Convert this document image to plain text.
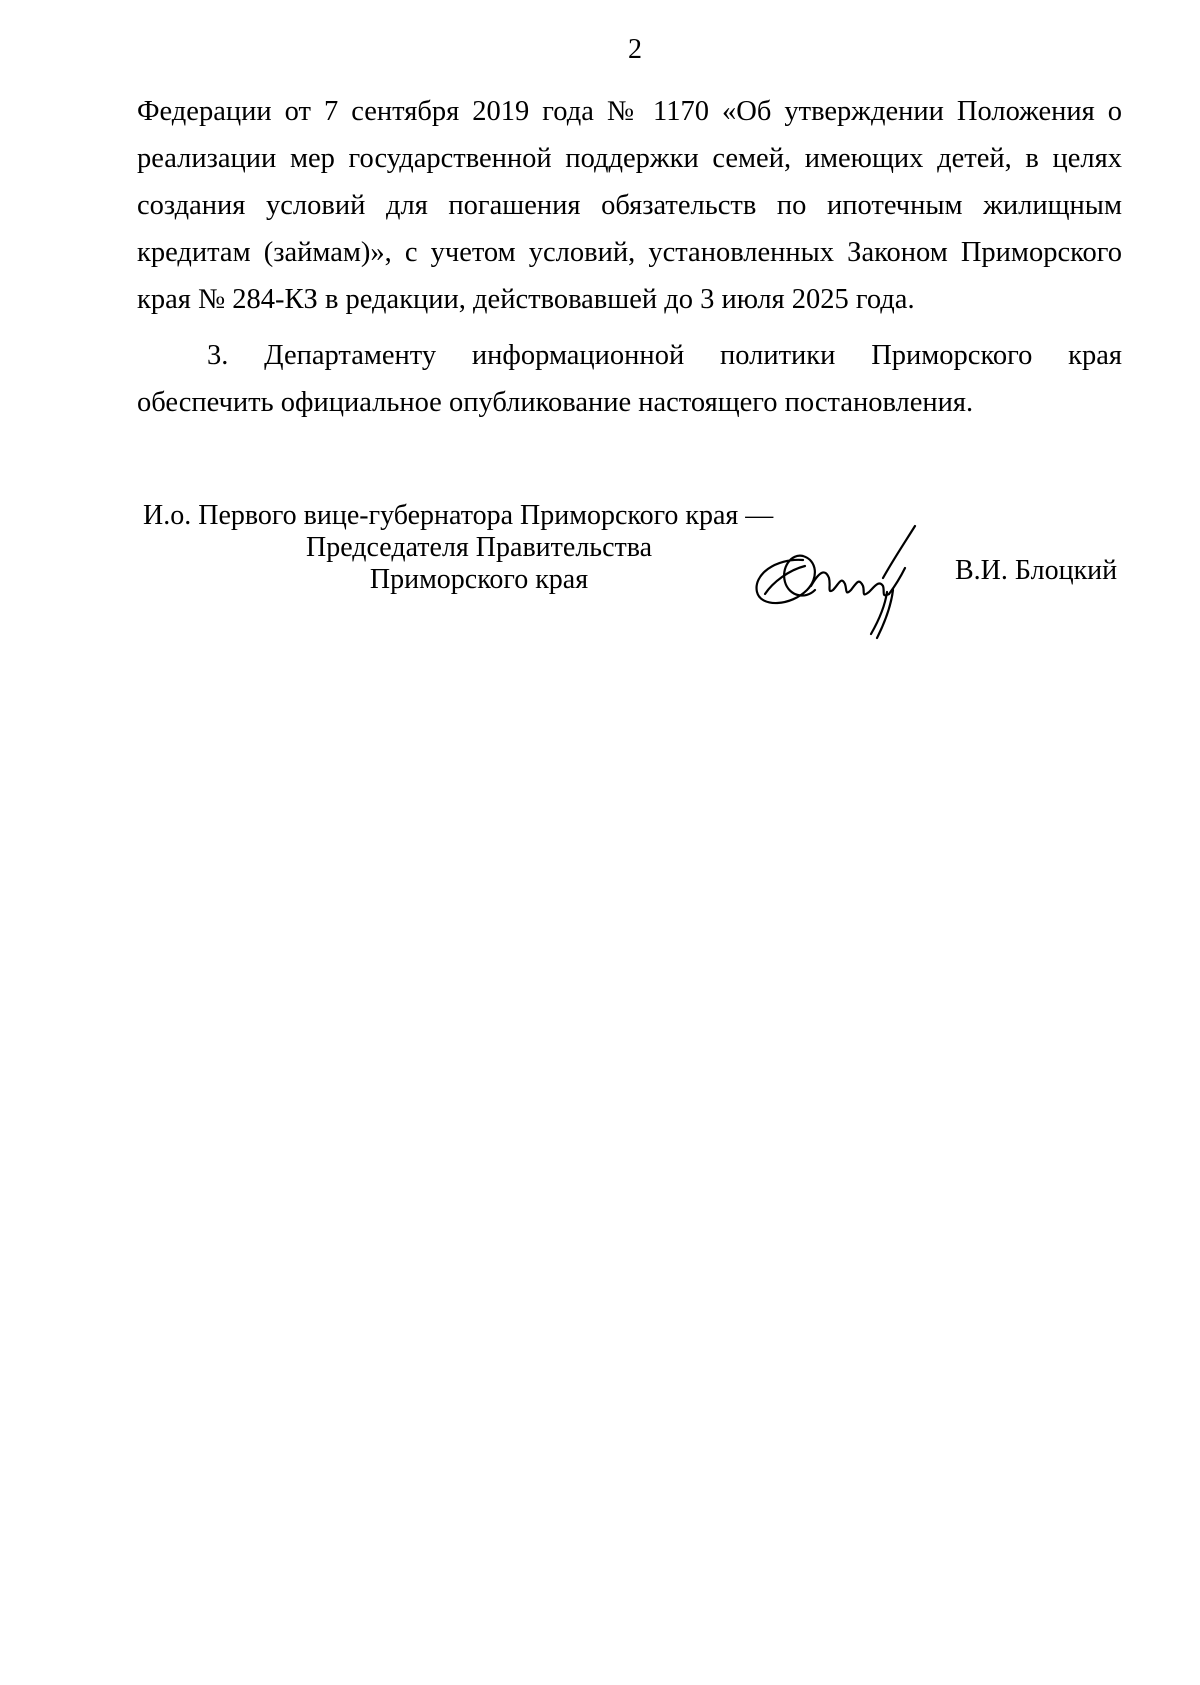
2
Федерации от 7 сентября 2019 года № 1170 «Об утверждении Положения о
реализации мер государственной поддержки семей, имеющих детей, в целях
создания условий для погашения обязательств по ипотечным жилищным
кредитам (займам)», с учетом условий, установленных Законом Приморского
края № 284-КЗ в редакции, действовавшей до 3 июля 2025 года.
3. Департаменту информационной политики Приморского края
обеспечить официальное опубликование настоящего постановления.
И.о. Первого вице-губернатора Приморского края —
Председателя Правительства
Приморского края	В.И. Блоцкий
